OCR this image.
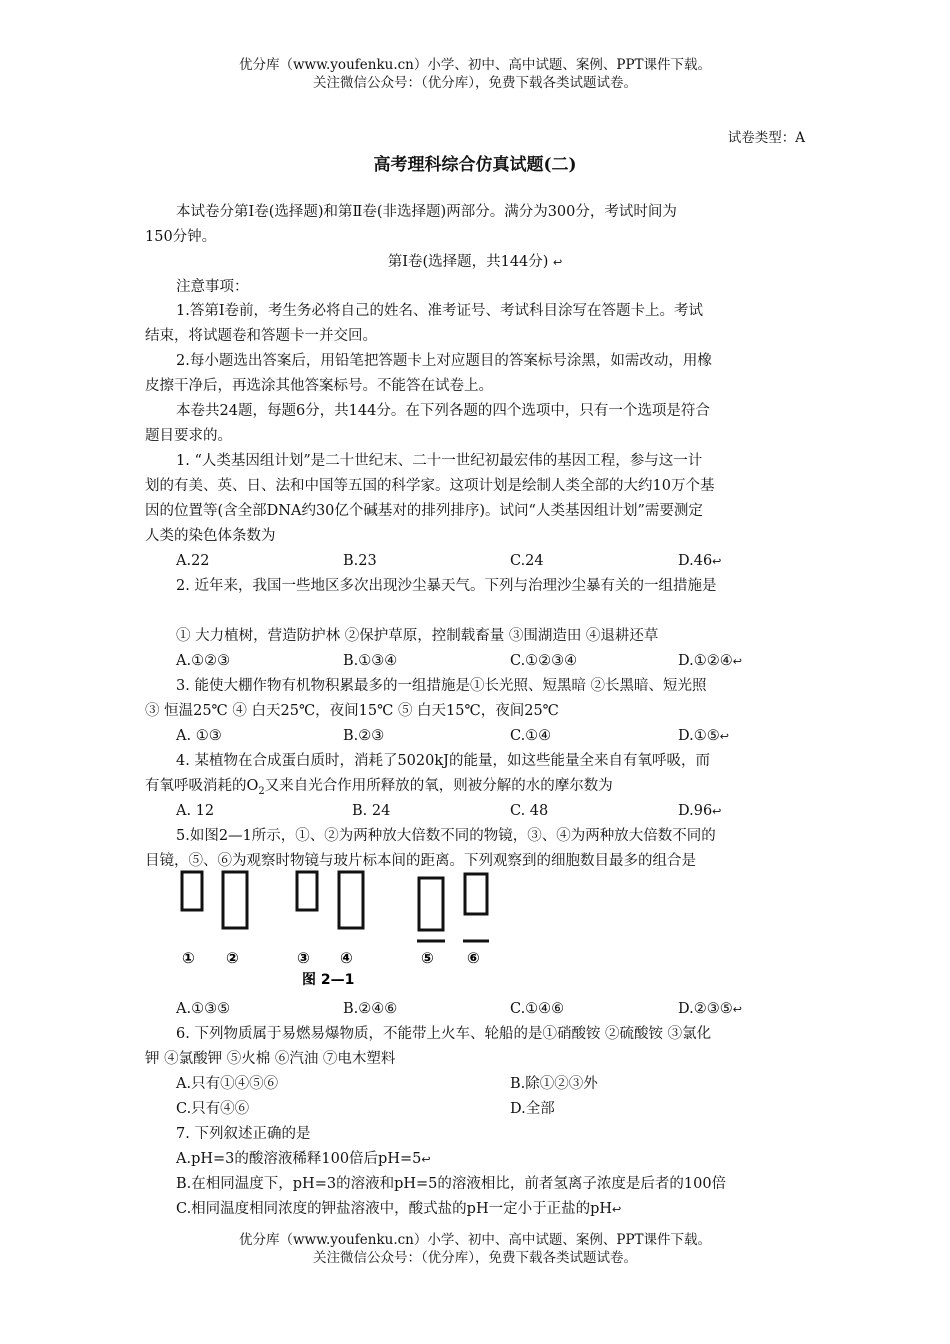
优分库（www.youfenku.cn）小学、初中、高中试题、案例、PPT课件下载。
关注微信公众号：（优分库），免费下载各类试题试卷。
试卷类型：A
高考理科综合仿真试题(二)
本试卷分第Ⅰ卷(选择题)和第Ⅱ卷(非选择题)两部分。满分为300分，考试时间为
150分钟。
第Ⅰ卷(选择题，共144分) ↩
注意事项：
1.答第Ⅰ卷前，考生务必将自己的姓名、准考证号、考试科目涂写在答题卡上。考试
结束，将试题卷和答题卡一并交回。
2.每小题选出答案后，用铅笔把答题卡上对应题目的答案标号涂黑，如需改动，用橡
皮擦干净后，再选涂其他答案标号。不能答在试卷上。
本卷共24题，每题6分，共144分。在下列各题的四个选项中，只有一个选项是符合
题目要求的。
1. “人类基因组计划”是二十世纪末、二十一世纪初最宏伟的基因工程，参与这一计
划的有美、英、日、法和中国等五国的科学家。这项计划是绘制人类全部的大约10万个基
因的位置等(含全部DNA约30亿个碱基对的排列排序)。试问“人类基因组计划”需要测定
人类的染色体条数为
A.22	B.23	C.24	D.46↩
2. 近年来，我国一些地区多次出现沙尘暴天气。下列与治理沙尘暴有关的一组措施是
① 大力植树，营造防护林 ②保护草原，控制载畜量 ③围湖造田 ④退耕还草
A.①②③	B.①③④	C.①②③④	D.①②④↩
3. 能使大棚作物有机物积累最多的一组措施是①长光照、短黑暗 ②长黑暗、短光照
③ 恒温25℃ ④ 白天25℃，夜间15℃ ⑤ 白天15℃，夜间25℃
A. ①③	B.②③	C.①④	D.①⑤↩
4. 某植物在合成蛋白质时，消耗了5020kJ的能量，如这些能量全来自有氧呼吸，而
有氧呼吸消耗的$O_2$又来自光合作用所释放的氧，则被分解的水的摩尔数为
A. 12	B. 24	C. 48	D.96↩
5.如图2—1所示，①、②为两种放大倍数不同的物镜，③、④为两种放大倍数不同的
目镜，⑤、⑥为观察时物镜与玻片标本间的距离。下列观察到的细胞数目最多的组合是
① ②	③ ④	⑤ ⑥
图 2—1
A.①③⑤	B.②④⑥	C.①④⑥	D.②③⑤↩
6. 下列物质属于易燃易爆物质，不能带上火车、轮船的是①硝酸铵 ②硫酸铵 ③氯化
钾 ④氯酸钾 ⑤火棉 ⑥汽油 ⑦电木塑料
A.只有①④⑤⑥	B.除①②③外
C.只有④⑥	D.全部
7. 下列叙述正确的是
A.pH=3的酸溶液稀释100倍后pH=5↩
B.在相同温度下，pH=3的溶液和pH=5的溶液相比，前者氢离子浓度是后者的100倍
C.相同温度相同浓度的钾盐溶液中，酸式盐的pH一定小于正盐的pH↩
优分库（www.youfenku.cn）小学、初中、高中试题、案例、PPT课件下载。
关注微信公众号：（优分库），免费下载各类试题试卷。
